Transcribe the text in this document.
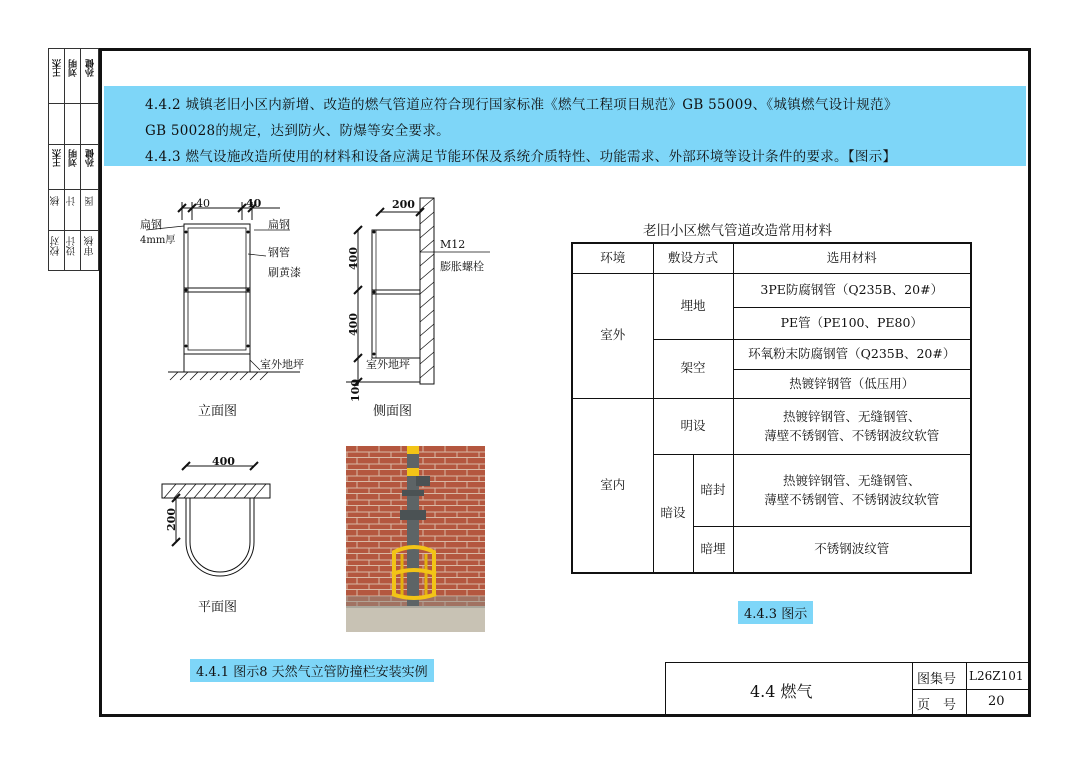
王杰 刘明 孙健
王杰 刘明 孙健
校对 设计 审核
核 计 图
4.4.2 城镇老旧小区内新增、改造的燃气管道应符合现行国家标准《燃气工程项目规范》GB 55009、《城镇燃气设计规范》
GB 50028的规定，达到防火、防爆等安全要求。
4.4.3 燃气设施改造所使用的材料和设备应满足节能环保及系统介质特性、功能需求、外部环境等设计条件的要求。【图示】
40	40
扁钢
4mm厚
扁钢
钢管
刷黄漆
室外地坪
立面图
200
400
400
100
M12
膨胀螺栓
室外地坪
侧面图
400
200
平面图
4.4.1 图示8 天然气立管防撞栏安装实例
老旧小区燃气管道改造常用材料
环境	敷设方式		选用材料
室外	埋地		3PE防腐钢管（Q235B、20#）
			PE管（PE100、PE80）
	架空		环氧粉末防腐钢管（Q235B、20#）
			热镀锌钢管（低压用）
室内	明设		热镀锌钢管、无缝钢管、
薄壁不锈钢管、不锈钢波纹软管
	暗设	暗封	热镀锌钢管、无缝钢管、
薄壁不锈钢管、不锈钢波纹软管
		暗埋	不锈钢波纹管
4.4.3 图示
4.4 燃气
图集号 L26Z101
页　号 20
